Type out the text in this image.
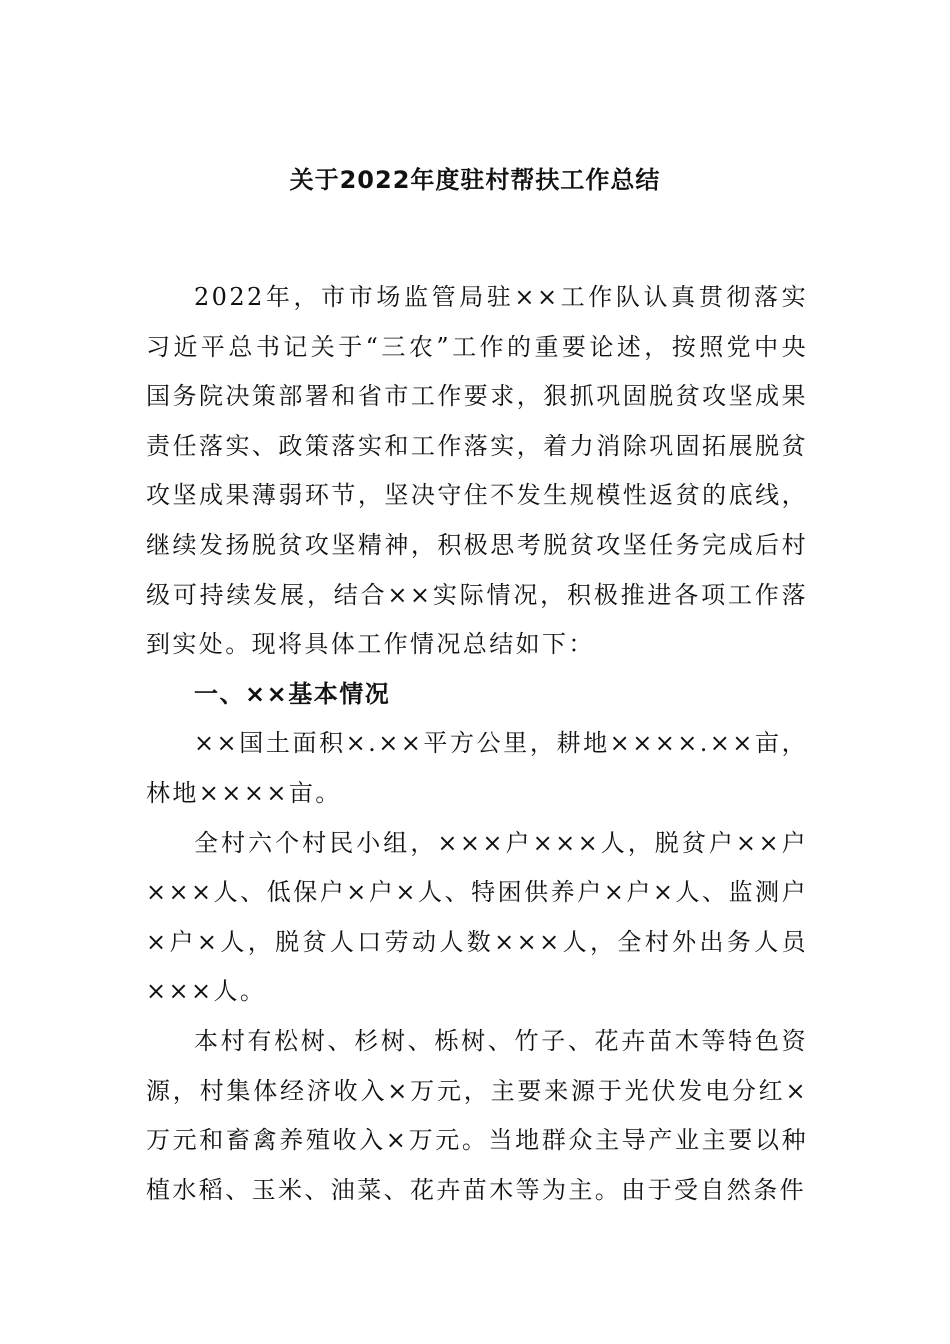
关于2022年度驻村帮扶工作总结

2022年，市市场监管局驻××工作队认真贯彻落实习近平总书记关于“三农”工作的重要论述，按照党中央国务院决策部署和省市工作要求，狠抓巩固脱贫攻坚成果责任落实、政策落实和工作落实，着力消除巩固拓展脱贫攻坚成果薄弱环节，坚决守住不发生规模性返贫的底线，继续发扬脱贫攻坚精神，积极思考脱贫攻坚任务完成后村级可持续发展，结合××实际情况，积极推进各项工作落到实处。现将具体工作情况总结如下：

一、××基本情况

××国土面积×.××平方公里，耕地××××.××亩，林地××××亩。

全村六个村民小组，×××户×××人，脱贫户××户×××人、低保户×户×人、特困供养户×户×人、监测户×户×人，脱贫人口劳动人数×××人，全村外出务人员×××人。

本村有松树、杉树、栎树、竹子、花卉苗木等特色资源，村集体经济收入×万元，主要来源于光伏发电分红×万元和畜禽养殖收入×万元。当地群众主导产业主要以种植水稻、玉米、油菜、花卉苗木等为主。由于受自然条件
